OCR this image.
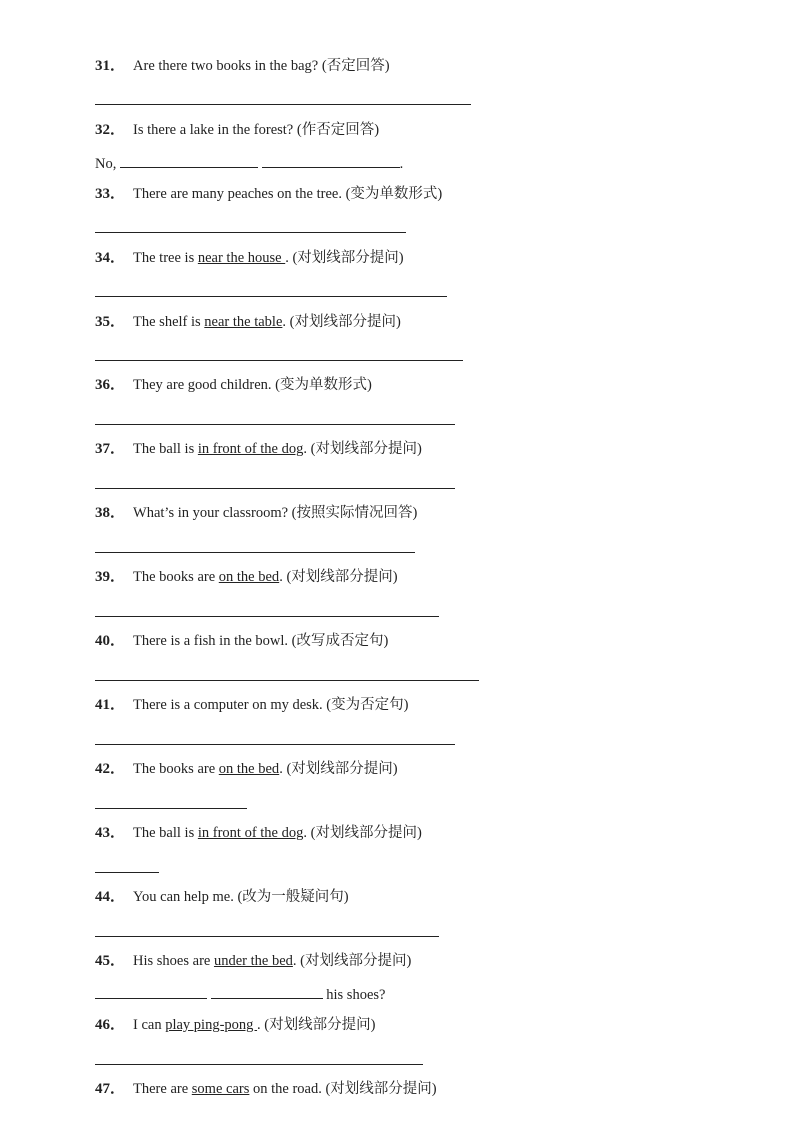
31． Are there two books in the bag? (否定回答)
32． Is there a lake in the forest? (作否定回答)
No,	.
33． There are many peaches on the tree. (变为单数形式)
34． The tree is near the house . (对划线部分提问)
35． The shelf is near the table. (对划线部分提问)
36． They are good children. (变为单数形式)
37． The ball is in front of the dog. (对划线部分提问)
38． What’s in your classroom? (按照实际情况回答)
39． The books are on the bed. (对划线部分提问)
40． There is a fish in the bowl. (改写成否定句)
41． There is a computer on my desk. (变为否定句)
42． The books are on the bed. (对划线部分提问)
43． The ball is in front of the dog. (对划线部分提问)
44． You can help me. (改为一般疑问句)
45． His shoes are under the bed. (对划线部分提问)
his shoes?
46． I can play ping-pong . (对划线部分提问)
47． There are some cars on the road. (对划线部分提问)
